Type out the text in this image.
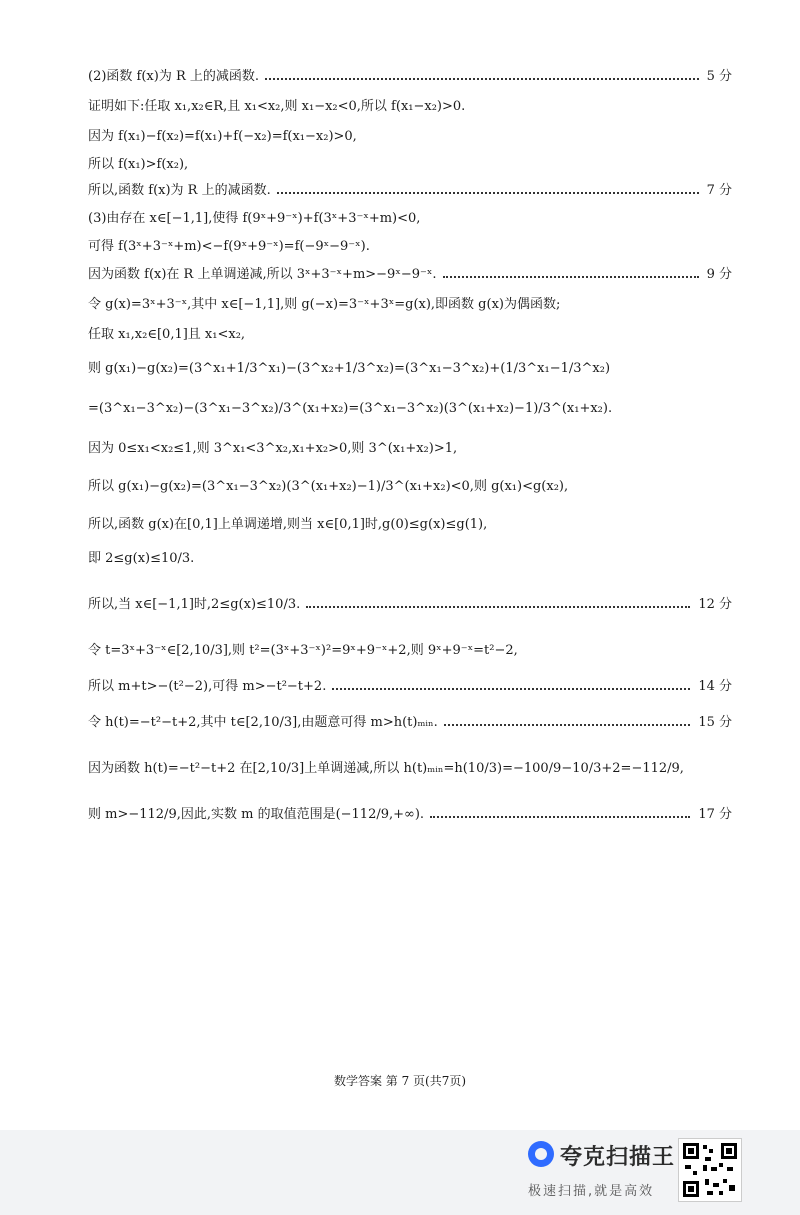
(2)函数 f(x)为 R 上的减函数.	5 分
证明如下:任取 x₁,x₂∈R,且 x₁<x₂,则 x₁−x₂<0,所以 f(x₁−x₂)>0.
因为 f(x₁)−f(x₂)=f(x₁)+f(−x₂)=f(x₁−x₂)>0,
所以 f(x₁)>f(x₂),
所以,函数 f(x)为 R 上的减函数.	7 分
(3)由存在 x∈[−1,1],使得 f(9ˣ+9⁻ˣ)+f(3ˣ+3⁻ˣ+m)<0,
可得 f(3ˣ+3⁻ˣ+m)<−f(9ˣ+9⁻ˣ)=f(−9ˣ−9⁻ˣ).
因为函数 f(x)在 R 上单调递减,所以 3ˣ+3⁻ˣ+m>−9ˣ−9⁻ˣ.	9 分
令 g(x)=3ˣ+3⁻ˣ,其中 x∈[−1,1],则 g(−x)=3⁻ˣ+3ˣ=g(x),即函数 g(x)为偶函数;
任取 x₁,x₂∈[0,1]且 x₁<x₂,
则 g(x₁)−g(x₂)=(3^x₁+1/3^x₁)−(3^x₂+1/3^x₂)=(3^x₁−3^x₂)+(1/3^x₁−1/3^x₂)
=(3^x₁−3^x₂)−(3^x₁−3^x₂)/3^(x₁+x₂)=(3^x₁−3^x₂)(3^(x₁+x₂)−1)/3^(x₁+x₂).
因为 0≤x₁<x₂≤1,则 3^x₁<3^x₂,x₁+x₂>0,则 3^(x₁+x₂)>1,
所以 g(x₁)−g(x₂)=(3^x₁−3^x₂)(3^(x₁+x₂)−1)/3^(x₁+x₂)<0,则 g(x₁)<g(x₂),
所以,函数 g(x)在[0,1]上单调递增,则当 x∈[0,1]时,g(0)≤g(x)≤g(1),
即 2≤g(x)≤10/3.
所以,当 x∈[−1,1]时,2≤g(x)≤10/3.	12 分
令 t=3ˣ+3⁻ˣ∈[2,10/3],则 t²=(3ˣ+3⁻ˣ)²=9ˣ+9⁻ˣ+2,则 9ˣ+9⁻ˣ=t²−2,
所以 m+t>−(t²−2),可得 m>−t²−t+2.	14 分
令 h(t)=−t²−t+2,其中 t∈[2,10/3],由题意可得 m>h(t)ₘᵢₙ.	15 分
因为函数 h(t)=−t²−t+2 在[2,10/3]上单调递减,所以 h(t)ₘᵢₙ=h(10/3)=−100/9−10/3+2=−112/9,
则 m>−112/9,因此,实数 m 的取值范围是(−112/9,+∞).	17 分
数学答案 第 7 页(共7页)
夸克扫描王
极速扫描,就是高效
